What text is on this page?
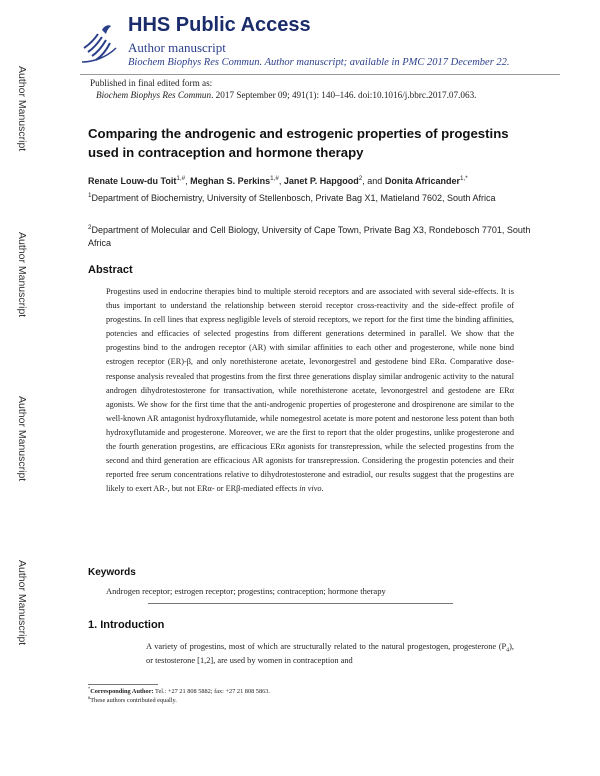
Author Manuscript
Author Manuscript
Author Manuscript
Author Manuscript
HHS Public Access
Author manuscript
Biochem Biophys Res Commun. Author manuscript; available in PMC 2017 December 22.
Published in final edited form as:
Biochem Biophys Res Commun. 2017 September 09; 491(1): 140–146. doi:10.1016/j.bbrc.2017.07.063.
Comparing the androgenic and estrogenic properties of progestins used in contraception and hormone therapy
Renate Louw-du Toit$^{1,\#}$, Meghan S. Perkins$^{1,\#}$, Janet P. Hapgood$^2$, and Donita Africander$^{1,*}$
$^1$Department of Biochemistry, University of Stellenbosch, Private Bag X1, Matieland 7602, South Africa
$^2$Department of Molecular and Cell Biology, University of Cape Town, Private Bag X3, Rondebosch 7701, South Africa
Abstract
Progestins used in endocrine therapies bind to multiple steroid receptors and are associated with several side-effects. It is thus important to understand the relationship between steroid receptor cross-reactivity and the side-effect profile of progestins. In cell lines that express negligible levels of steroid receptors, we report for the first time the binding affinities, potencies and efficacies of selected progestins from different generations determined in parallel. We show that the progestins bind to the androgen receptor (AR) with similar affinities to each other and progesterone, while none bind estrogen receptor (ER)-β, and only norethisterone acetate, levonorgestrel and gestodene bind ERα. Comparative dose-response analysis revealed that progestins from the first three generations display similar androgenic activity to the natural androgen dihydrotestosterone for transactivation, while norethisterone acetate, levonorgestrel and gestodene are ERα agonists. We show for the first time that the anti-androgenic properties of progesterone and drospirenone are similar to the well-known AR antagonist hydroxyflutamide, while nomegestrol acetate is more potent and nestorone less potent than both hydroxyflutamide and progesterone. Moreover, we are the first to report that the older progestins, unlike progesterone and the fourth generation progestins, are efficacious ERα agonists for transrepression, while the selected progestins from the second and third generation are efficacious AR agonists for transrepression. Considering the progestin potencies and their reported free serum concentrations relative to dihydrotestosterone and estradiol, our results suggest that the progestins are likely to exert AR-, but not ERα- or ERβ-mediated effects in vivo.
Keywords
Androgen receptor; estrogen receptor; progestins; contraception; hormone therapy
1. Introduction
A variety of progestins, most of which are structurally related to the natural progestogen, progesterone $(P_4)$, or testosterone [1,2], are used by women in contraception and
*Corresponding Author: Tel.: +27 21 808 5882; fax: +27 21 808 5863.
#These authors contributed equally.
